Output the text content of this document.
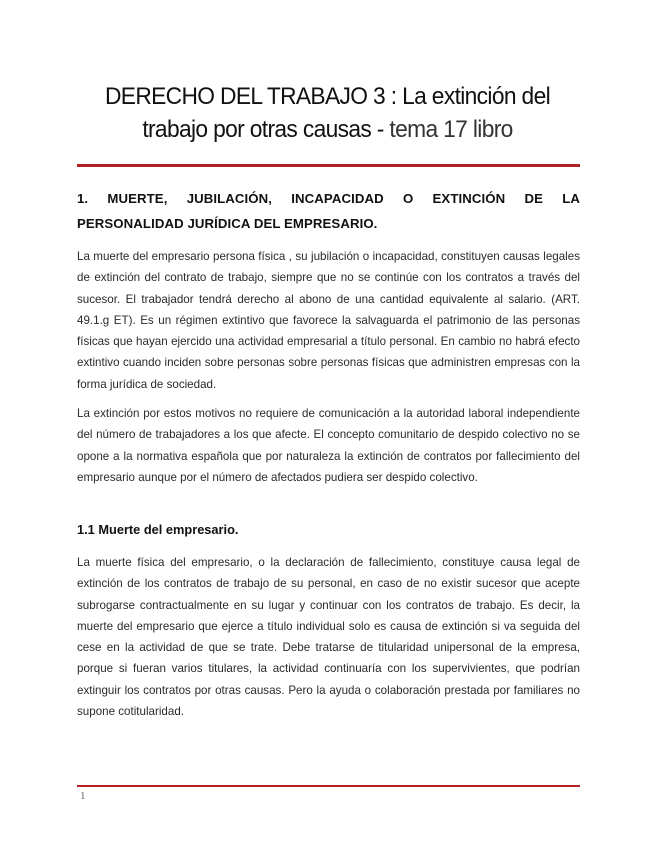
DERECHO DEL TRABAJO 3 : La extinción del trabajo por otras causas - tema 17 libro
1. MUERTE, JUBILACIÓN, INCAPACIDAD O EXTINCIÓN DE LA
PERSONALIDAD JURÍDICA DEL EMPRESARIO.
La muerte del empresario persona física , su jubilación o incapacidad, constituyen causas legales de extinción del contrato de trabajo, siempre que no se continúe con los contratos a través del sucesor. El trabajador tendrá derecho al abono de una cantidad equivalente al salario. (ART. 49.1.g ET). Es un régimen extintivo que favorece la salvaguarda el patrimonio de las personas físicas que hayan ejercido una actividad empresarial a título personal. En cambio no habrá efecto extintivo cuando inciden sobre personas sobre personas físicas que administren empresas con la forma jurídica de sociedad.
La extinción por estos motivos no requiere de comunicación a la autoridad laboral independiente del número de trabajadores a los que afecte. El concepto comunitario de despido colectivo no se opone a la normativa española que por naturaleza la extinción de contratos por fallecimiento del empresario aunque por el número de afectados pudiera ser despido colectivo.
1.1 Muerte del empresario.
La muerte física del empresario, o la declaración de fallecimiento, constituye causa legal de extinción de los contratos de trabajo de su personal, en caso de no existir sucesor que acepte subrogarse contractualmente en su lugar y continuar con los contratos de trabajo. Es decir, la muerte del empresario que ejerce a título individual solo es causa de extinción si va seguida del cese en la actividad de que se trate. Debe tratarse de titularidad unipersonal de la empresa, porque si fueran varios titulares, la actividad continuaría con los supervivientes, que podrían extinguir los contratos por otras causas. Pero la ayuda o colaboración prestada por familiares no supone cotitularidad.
1
